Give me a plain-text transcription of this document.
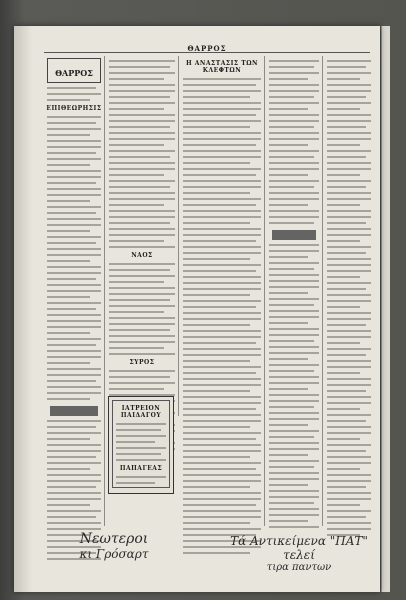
ΘΑΡΡΟΣ
ΘΑΡΡΟΣ
ΕΠΙΘΕΩΡΗΣΙΣ
ΝΑΟΣ
ΣΥΡΟΣ
ΙΑΤΡΕΙΟΝ ΠΑΙΔΑΓΟΥ
ΠΑΠΑΓΕΑΣ
Η ΑΝΑΣΤΑΣΙΣ ΤΩΝ ΚΛΕΦΤΩΝ
Νεωτεροι
κι Γρόσαρτ
Τά Αντικείμενα "ΠΑΤ" τελεί
τιρα παντων
